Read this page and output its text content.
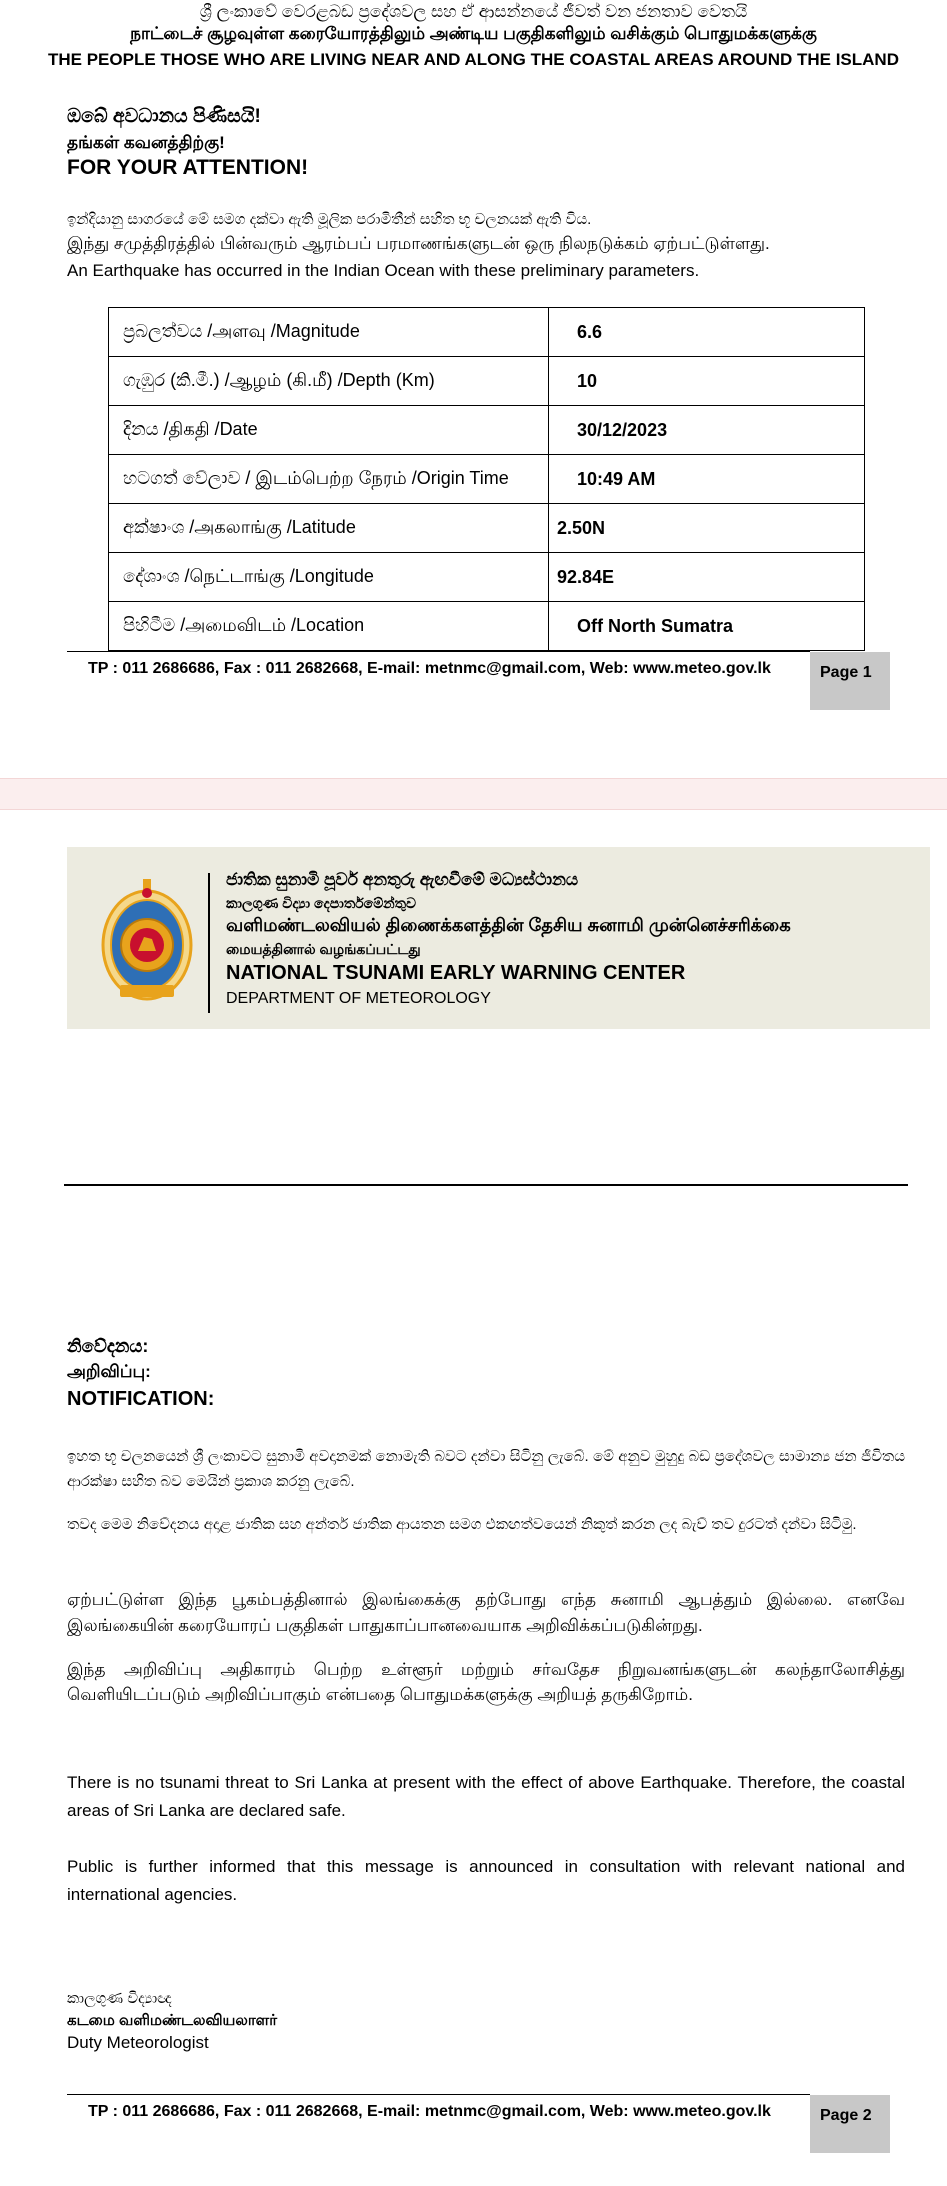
ශ්‍රී ලංකාවේ වෙරළබඩ ප්‍රදේශවල සහ ඒ ආසන්නයේ ජීවත් වන ජනතාව වෙතයි
நாட்டைச் சூழவுள்ள கரையோரத்திலும் அண்டிய பகுதிகளிலும் வசிக்கும் பொதுமக்களுக்கு
THE PEOPLE THOSE WHO ARE LIVING NEAR AND ALONG THE COASTAL AREAS AROUND THE ISLAND
ඔබේ අවධානය පිණිසයි!
தங்கள் கவனத்திற்கு!
FOR YOUR ATTENTION!
ඉන්දියානු සාගරයේ මේ සමග දක්වා ඇති මූලික පරාමිතීන් සහිත භූ චලනයක් ඇති විය.
இந்து சமுத்திரத்தில் பின்வரும் ஆரம்பப் பரமாணங்களுடன் ஒரு நிலநடுக்கம் ஏற்பட்டுள்ளது.
An Earthquake has occurred in the Indian Ocean with these preliminary parameters.
ප්‍රබලත්වය /அளவு /Magnitude	6.6
ගැඹුර (කි.මී.) /ஆழம் (கி.மீ) /Depth (Km)	10
දිනය /திகதி /Date	30/12/2023
හටගත් වේලාව / இடம்பெற்ற நேரம் /Origin Time	10:49 AM
අක්ෂාංශ /அகலாங்கு /Latitude	2.50N
දේශාංශ /நெட்டாங்கு /Longitude	92.84E
පිහිටීම /அமைவிடம் /Location	Off North Sumatra
TP : 011 2686686, Fax : 011 2682668, E-mail: metnmc@gmail.com, Web: www.meteo.gov.lk	Page 1
ජාතික සුනාමි පූර්ව අනතුරු ඇඟවීමේ මධ්‍යස්ථානය
කාලගුණ විද්‍යා දෙපාර්තමේන්තුව
வளிமண்டலவியல் திணைக்களத்தின் தேசிய சுனாமி முன்னெச்சரிக்கை
மையத்தினால் வழங்கப்பட்டது
NATIONAL TSUNAMI EARLY WARNING CENTER
DEPARTMENT OF METEOROLOGY
නිවේදනය:
அறிவிப்பு:
NOTIFICATION:
ඉහත භූ චලනයෙන් ශ්‍රී ලංකාවට සුනාමි අවදානමක් නොමැති බවට දන්වා සිටිනු ලැබේ. මේ අනුව මුහුදු බඩ ප්‍රදේශවල සාමාන්‍ය ජන ජීවිතය ආරක්ෂා සහිත බව මෙයින් ප්‍රකාශ කරනු ලැබේ.
තවද මෙම නිවේදනය අදාළ ජාතික සහ අන්තර් ජාතික ආයතන සමග එකඟත්වයෙන් නිකුත් කරන ලද බැව් තව දුරටත් දන්වා සිටිමු.
ஏற்பட்டுள்ள இந்த பூகம்பத்தினால் இலங்கைக்கு தற்போது எந்த சுனாமி ஆபத்தும் இல்லை. எனவே இலங்கையின் கரையோரப் பகுதிகள் பாதுகாப்பானவையாக அறிவிக்கப்படுகின்றது.
இந்த அறிவிப்பு அதிகாரம் பெற்ற உள்ளூர் மற்றும் சர்வதேச நிறுவனங்களுடன் கலந்தாலோசித்து வெளியிடப்படும் அறிவிப்பாகும் என்பதை பொதுமக்களுக்கு அறியத் தருகிறோம்.
There is no tsunami threat to Sri Lanka at present with the effect of above Earthquake. Therefore, the coastal areas of Sri Lanka are declared safe.
Public is further informed that this message is announced in consultation with relevant national and international agencies.
කාලගුණ විද්‍යාඥ
கடமை வளிமண்டலவியலாளர்
Duty Meteorologist
TP : 011 2686686, Fax : 011 2682668, E-mail: metnmc@gmail.com, Web: www.meteo.gov.lk	Page 2
